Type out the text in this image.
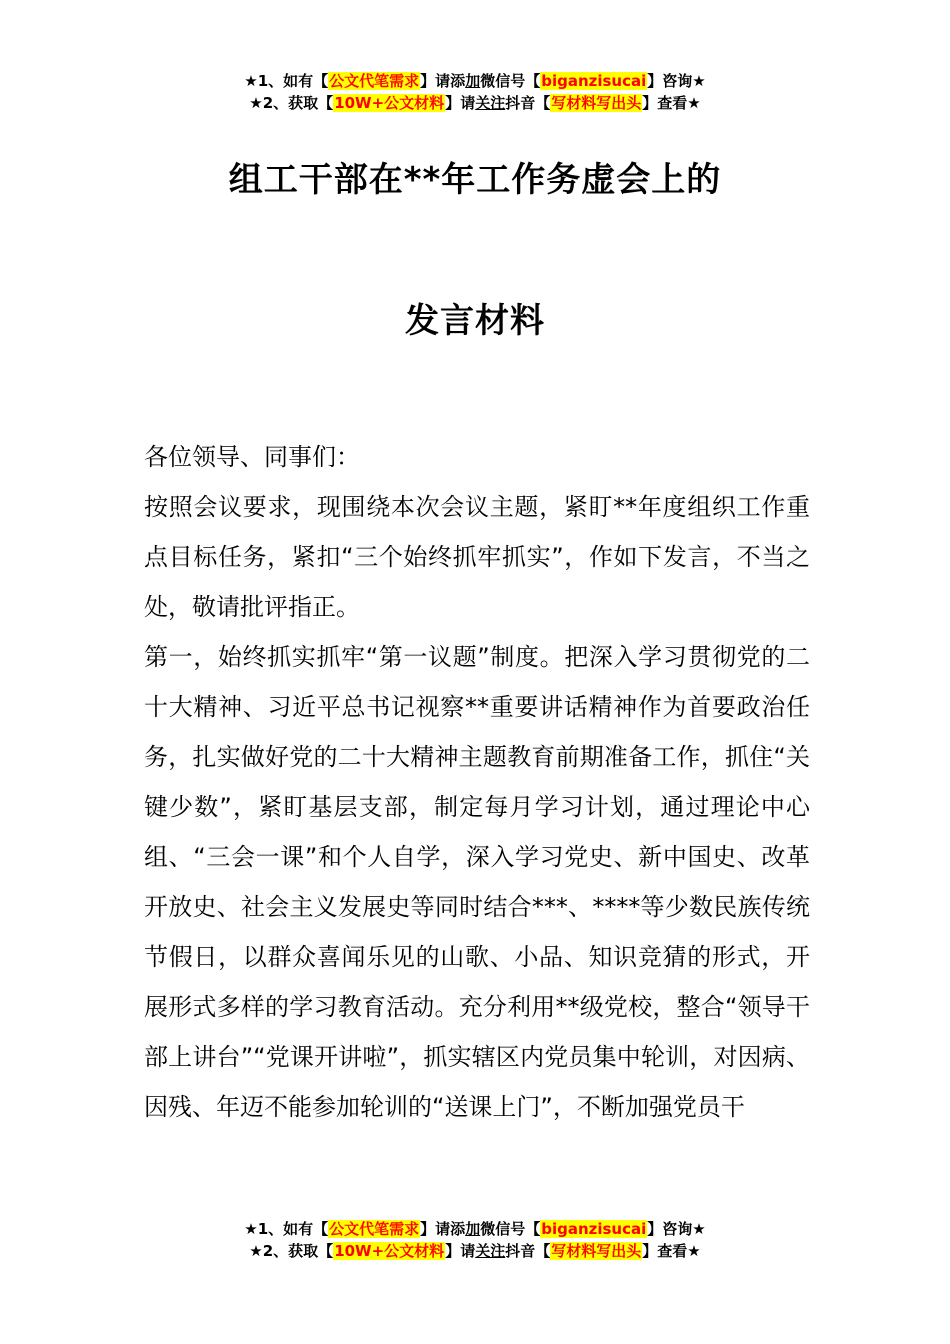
★1、如有【公文代笔需求】请添加微信号【biganzisucai】咨询★
★2、获取【10W+公文材料】请关注抖音【写材料写出头】查看★
组工干部在**年工作务虚会上的
发言材料

各位领导、同事们：

按照会议要求，现围绕本次会议主题，紧盯**年度组织工作重点目标任务，紧扣“三个始终抓牢抓实”，作如下发言，不当之处，敬请批评指正。

第一，始终抓实抓牢“第一议题”制度。把深入学习贯彻党的二十大精神、习近平总书记视察**重要讲话精神作为首要政治任务，扎实做好党的二十大精神主题教育前期准备工作，抓住“关键少数”，紧盯基层支部，制定每月学习计划，通过理论中心组、“三会一课”和个人自学，深入学习党史、新中国史、改革开放史、社会主义发展史等同时结合***、****等少数民族传统节假日，以群众喜闻乐见的山歌、小品、知识竞猜的形式，开展形式多样的学习教育活动。充分利用**级党校，整合“领导干部上讲台”“党课开讲啦”，抓实辖区内党员集中轮训，对因病、因残、年迈不能参加轮训的“送课上门”，不断加强党员干

★1、如有【公文代笔需求】请添加微信号【biganzisucai】咨询★
★2、获取【10W+公文材料】请关注抖音【写材料写出头】查看★
